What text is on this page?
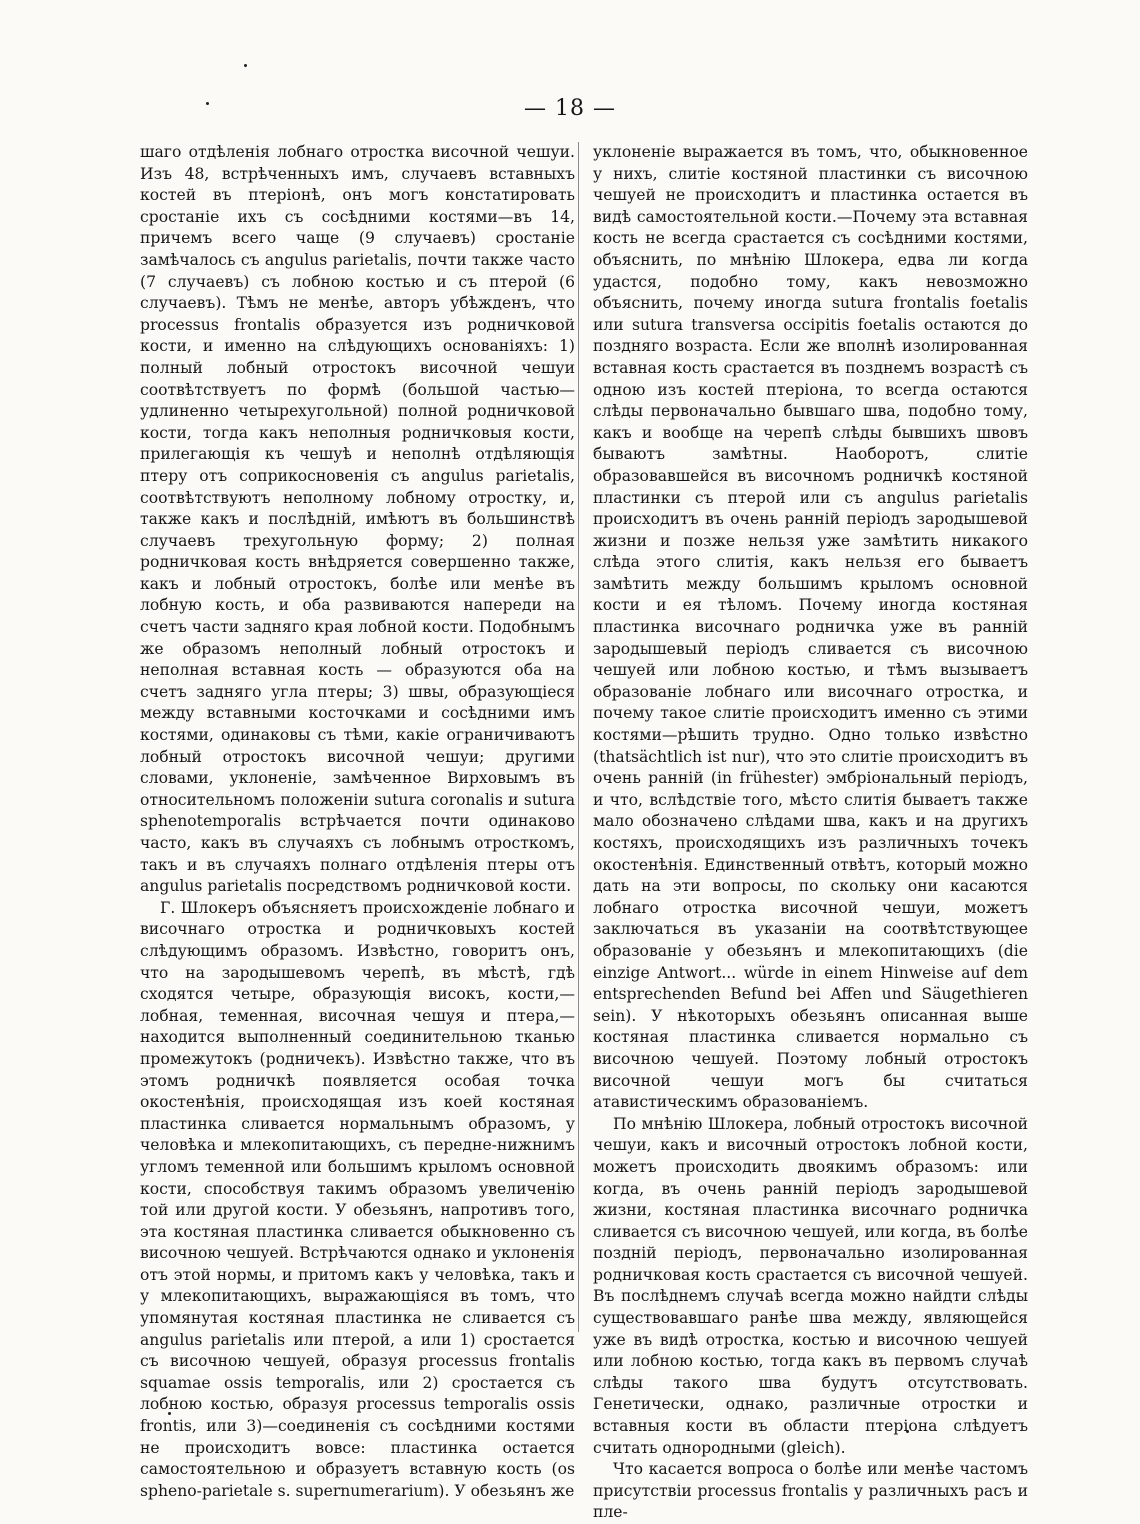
— 18 —

шаго отдѣленія лобнаго отростка височной чешуи. Изъ 48, встрѣченныхъ имъ, случаевъ вставныхъ костей въ птеріонѣ, онъ могъ констатировать сростаніе ихъ съ сосѣдними костями—въ 14, причемъ всего чаще (9 случаевъ) сростаніе замѣчалось съ angulus parietalis, почти также часто (7 случаевъ) съ лобною костью и съ птерой (6 случаевъ). Тѣмъ не менѣе, авторъ убѣжденъ, что processus frontalis образуется изъ родничковой кости, и именно на слѣдующихъ основаніяхъ: 1) полный лобный отростокъ височной чешуи соотвѣтствуетъ по формѣ (большой частью—удлиненно четырехугольной) полной родничковой кости, тогда какъ неполныя родничковыя кости, прилегающія къ чешуѣ и неполнѣ отдѣляющія птеру отъ соприкосновенія съ angulus parietalis, соотвѣтствуютъ неполному лобному отростку, и, также какъ и послѣдній, имѣютъ въ большинствѣ случаевъ треxугольную форму; 2) полная родничковая кость внѣдряется совершенно также, какъ и лобный отростокъ, болѣе или менѣе въ лобную кость, и оба развиваются напереди на счетъ части задняго края лобной кости. Подобнымъ же образомъ неполный лобный отростокъ и неполная вставная кость — образуются оба на счетъ задняго угла птеры; 3) швы, образующіеся между вставными косточками и сосѣдними имъ костями, одинаковы съ тѣми, какіе ограничиваютъ лобный отростокъ височной чешуи; другими словами, уклоненіе, замѣченное Вирховымъ въ относительномъ положеніи sutura coronalis и sutura sphenotemporalis встрѣчается почти одинаково часто, какъ въ случаяхъ съ лобнымъ отросткомъ, такъ и въ случаяхъ полнаго отдѣленія птеры отъ angulus parietalis посредствомъ родничковой кости.

Г. Шлокеръ объясняетъ происхожденіе лобнаго и височнаго отростка и родничковыхъ костей слѣдующимъ образомъ. Извѣстно, говоритъ онъ, что на зародышевомъ черепѣ, въ мѣстѣ, гдѣ сходятся четыре, образующія високъ, кости,—лобная, теменная, височная чешуя и птера,—находится выполненный соединительною тканью промежутокъ (родничекъ). Извѣстно также, что въ этомъ родничкѣ появляется особая точка окостенѣнія, происходящая изъ коей костяная пластинка сливается нормальнымъ образомъ, у человѣка и млекопитающихъ, съ передне-нижнимъ угломъ теменной или большимъ крыломъ основной кости, способствуя такимъ образомъ увеличенію той или другой кости. У обезьянъ, напротивъ того, эта костяная пластинка сливается обыкновенно съ височною чешуей. Встрѣчаются однако и уклоненія отъ этой нормы, и притомъ какъ у человѣка, такъ и у млекопитающихъ, выражающіяся въ томъ, что упомянутая костяная пластинка не сливается съ angulus parietalis или птерой, а или 1) сростается съ височною чешуей, образуя processus frontalis squamae ossis temporalis, или 2) сростается съ лобною костью, образуя processus temporalis ossis frontis, или 3)—соединенія съ сосѣдними костями не происходитъ вовсе: пластинка остается самостоятельною и образуетъ вставную кость (os spheno-parietale s. supernumerarium). У обезьянъ же

уклоненіе выражается въ томъ, что, обыкновенное у нихъ, слитіе костяной пластинки съ височною чешуей не происходитъ и пластинка остается въ видѣ самостоятельной кости.—Почему эта вставная кость не всегда срастается съ сосѣдними костями, объяснить, по мнѣнію Шлокера, едва ли когда удастся, подобно тому, какъ невозможно объяснить, почему иногда sutura frontalis foetalis или sutura transversa occipitis foetalis остаются до поздняго возраста. Если же вполнѣ изолированная вставная кость срастается въ позднемъ возрастѣ съ одною изъ костей птеріона, то всегда остаются слѣды первоначально бывшаго шва, подобно тому, какъ и вообще на черепѣ слѣды бывшихъ швовъ бываютъ замѣтны. Наоборотъ, слитіе образовавшейся въ височномъ родничкѣ костяной пластинки съ птерой или съ angulus parietalis происходитъ въ очень ранній періодъ зародышевой жизни и позже нельзя уже замѣтить никакого слѣда этого слитія, какъ нельзя его бываетъ замѣтить между большимъ крыломъ основной кости и ея тѣломъ. Почему иногда костяная пластинка височнаго родничка уже въ ранній зародышевый періодъ сливается съ височною чешуей или лобною костью, и тѣмъ вызываетъ образованіе лобнаго или височнаго отростка, и почему такое слитіе происходитъ именно съ этими костями—рѣшить трудно. Одно только извѣстно (thatsächtlich ist nur), что это слитіе происходитъ въ очень ранній (in frühester) эмбріональный періодъ, и что, вслѣдствіе того, мѣсто слитія бываетъ также мало обозначено слѣдами шва, какъ и на другихъ костяхъ, происходящихъ изъ различныхъ точекъ окостенѣнія. Единственный отвѣтъ, который можно дать на эти вопросы, по скольку они касаются лобнаго отростка височной чешуи, можетъ заключаться въ указаніи на соотвѣтствующее образованіе у обезьянъ и млекопитающихъ (die einzige Antwort... würde in einem Hinweise auf dem entsprechenden Befund bei Affen und Säugethieren sein). У нѣкоторыхъ обезьянъ описанная выше костяная пластинка сливается нормально съ височною чешуей. Поэтому лобный отростокъ височной чешуи могъ бы считаться атавистическимъ образованіемъ.

По мнѣнію Шлокера, лобный отростокъ височной чешуи, какъ и височный отростокъ лобной кости, можетъ происходить двоякимъ образомъ: или когда, въ очень ранній періодъ зародышевой жизни, костяная пластинка височнаго родничка сливается съ височною чешуей, или когда, въ болѣе поздній періодъ, первоначально изолированная родничковая кость срастается съ височной чешуей. Въ послѣднемъ случаѣ всегда можно найдти слѣды существовавшаго ранѣе шва между, являющейся уже въ видѣ отростка, костью и височною чешуей или лобною костью, тогда какъ въ первомъ случаѣ слѣды такого шва будутъ отсутствовать. Генетически, однако, различные отростки и вставныя кости въ области птеріона слѣдуетъ считать однородными (gleich).

Что касается вопроса о болѣе или менѣе частомъ присутствіи processus frontalis у различныхъ расъ и пле-
